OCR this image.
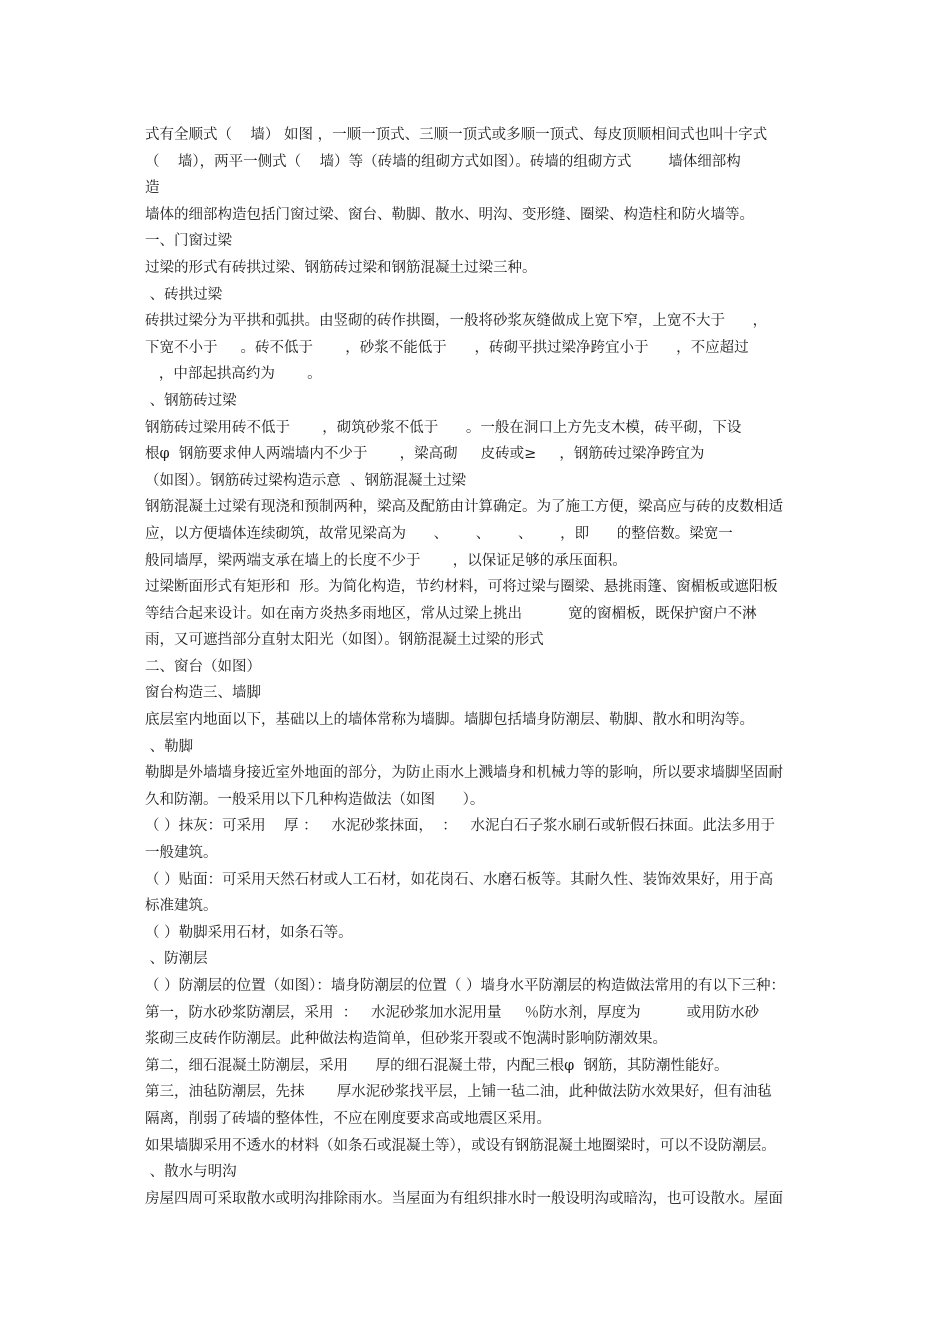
式有全顺式（    墙） 如图 ，一顺一顶式、三顺一顶式或多顺一顶式、每皮顶顺相间式也叫十字式

（    墙），两平一侧式（    墙）等（砖墙的组砌方式如图）。砖墙的组砌方式        墙体细部构

造

墙体的细部构造包括门窗过梁、窗台、勒脚、散水、明沟、变形缝、圈梁、构造柱和防火墙等。

一、门窗过梁

过梁的形式有砖拱过梁、钢筋砖过梁和钢筋混凝土过梁三种。

、砖拱过梁

砖拱过梁分为平拱和弧拱。由竖砌的砖作拱圈，一般将砂浆灰缝做成上宽下窄，上宽不大于      ，

下宽不小于     。砖不低于       ，砂浆不能低于      ，砖砌平拱过梁净跨宜小于      ，不应超过

，中部起拱高约为       。

、钢筋砖过梁

钢筋砖过梁用砖不低于       ，砌筑砂浆不低于      。一般在洞口上方先支木模，砖平砌，下设

根φ  钢筋要求伸人两端墙内不少于       ，梁高砌     皮砖或≥     ，钢筋砖过梁净跨宜为

（如图）。钢筋砖过梁构造示意  、钢筋混凝土过梁

钢筋混凝土过梁有现浇和预制两种，梁高及配筋由计算确定。为了施工方便，梁高应与砖的皮数相适

应，以方便墙体连续砌筑，故常见梁高为      、      、      、      ，即      的整倍数。梁宽一

般同墙厚，梁两端支承在墙上的长度不少于       ，以保证足够的承压面积。

过梁断面形式有矩形和  形。为简化构造，节约材料，可将过梁与圈梁、悬挑雨篷、窗楣板或遮阳板

等结合起来设计。如在南方炎热多雨地区，常从过梁上挑出          宽的窗楣板，既保护窗户不淋

雨，又可遮挡部分直射太阳光（如图）。钢筋混凝土过梁的形式

二、窗台（如图）

窗台构造三、墙脚

底层室内地面以下，基础以上的墙体常称为墙脚。墙脚包括墙身防潮层、勒脚、散水和明沟等。

、勒脚

勒脚是外墙墙身接近室外地面的部分，为防止雨水上溅墙身和机械力等的影响，所以要求墙脚坚固耐

久和防潮。一般采用以下几种构造做法（如图      ）。

（ ）抹灰：可采用    厚 ：   水泥砂浆抹面，  ：   水泥白石子浆水刷石或斩假石抹面。此法多用于

一般建筑。

（ ）贴面：可采用天然石材或人工石材，如花岗石、水磨石板等。其耐久性、装饰效果好，用于高

标准建筑。

（ ）勒脚采用石材，如条石等。

、防潮层

（ ）防潮层的位置（如图）：墙身防潮层的位置（ ）墙身水平防潮层的构造做法常用的有以下三种：

第一，防水砂浆防潮层，采用  ：   水泥砂浆加水泥用量     ％防水剂，厚度为          或用防水砂

浆砌三皮砖作防潮层。此种做法构造简单，但砂浆开裂或不饱满时影响防潮效果。

第二，细石混凝土防潮层，采用      厚的细石混凝土带，内配三根φ  钢筋，其防潮性能好。

第三，油毡防潮层，先抹       厚水泥砂浆找平层，上铺一毡二油，此种做法防水效果好，但有油毡

隔离，削弱了砖墙的整体性，不应在刚度要求高或地震区采用。

如果墙脚采用不透水的材料（如条石或混凝土等），或设有钢筋混凝土地圈梁时，可以不设防潮层。

、散水与明沟

房屋四周可采取散水或明沟排除雨水。当屋面为有组织排水时一般设明沟或暗沟，也可设散水。屋面
